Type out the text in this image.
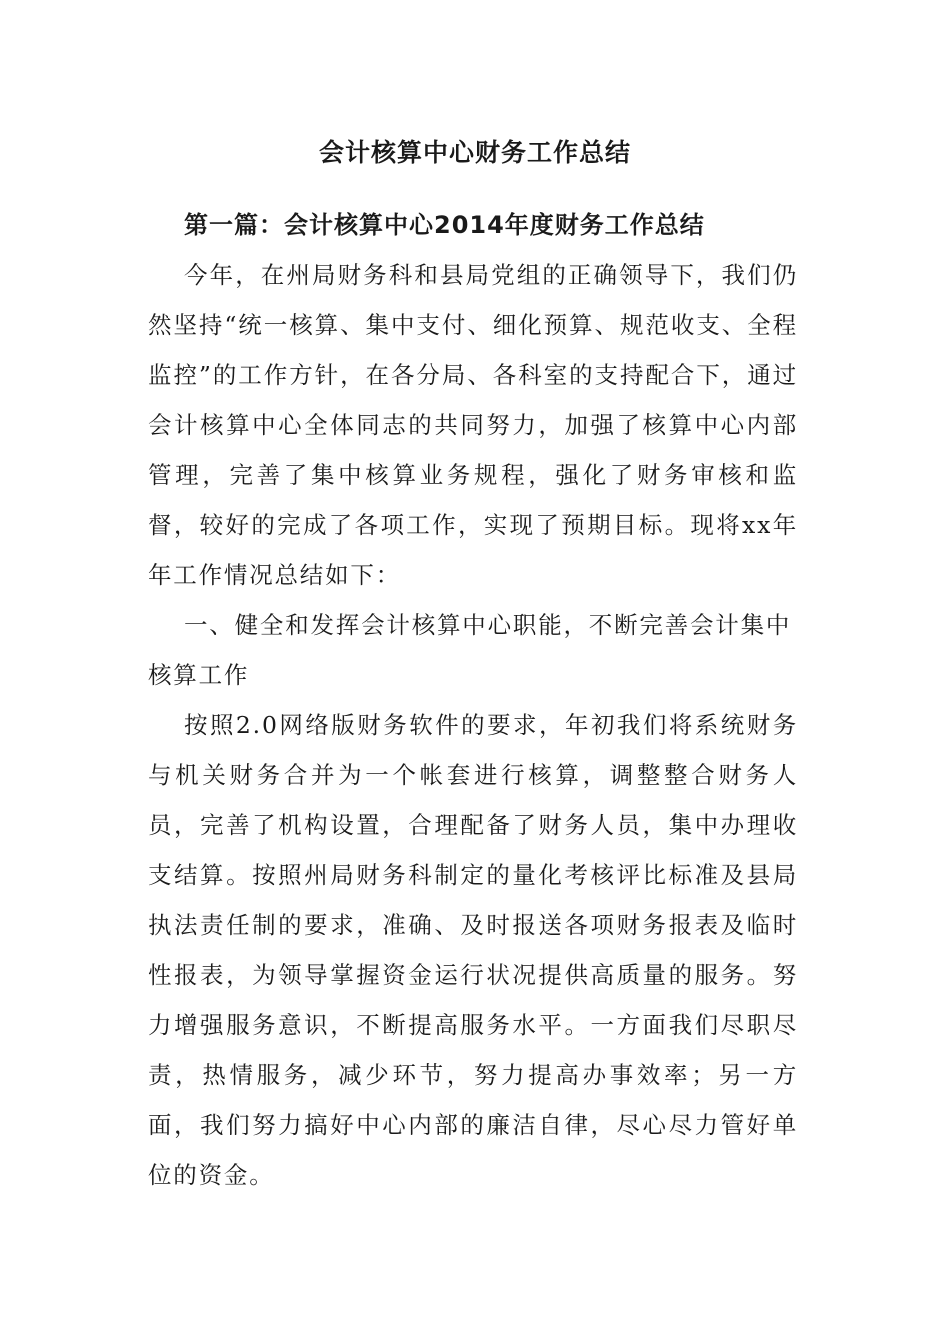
会计核算中心财务工作总结
第一篇：会计核算中心2014年度财务工作总结

今年，在州局财务科和县局党组的正确领导下，我们仍然坚持“统一核算、集中支付、细化预算、规范收支、全程监控”的工作方针，在各分局、各科室的支持配合下，通过会计核算中心全体同志的共同努力，加强了核算中心内部管理，完善了集中核算业务规程，强化了财务审核和监督，较好的完成了各项工作，实现了预期目标。现将xx年年工作情况总结如下：

一、健全和发挥会计核算中心职能，不断完善会计集中核算工作

按照2.0网络版财务软件的要求，年初我们将系统财务与机关财务合并为一个帐套进行核算，调整整合财务人员，完善了机构设置，合理配备了财务人员，集中办理收支结算。按照州局财务科制定的量化考核评比标准及县局执法责任制的要求，准确、及时报送各项财务报表及临时性报表，为领导掌握资金运行状况提供高质量的服务。努力增强服务意识，不断提高服务水平。一方面我们尽职尽责，热情服务，减少环节，努力提高办事效率；另一方面，我们努力搞好中心内部的廉洁自律，尽心尽力管好单位的资金。
